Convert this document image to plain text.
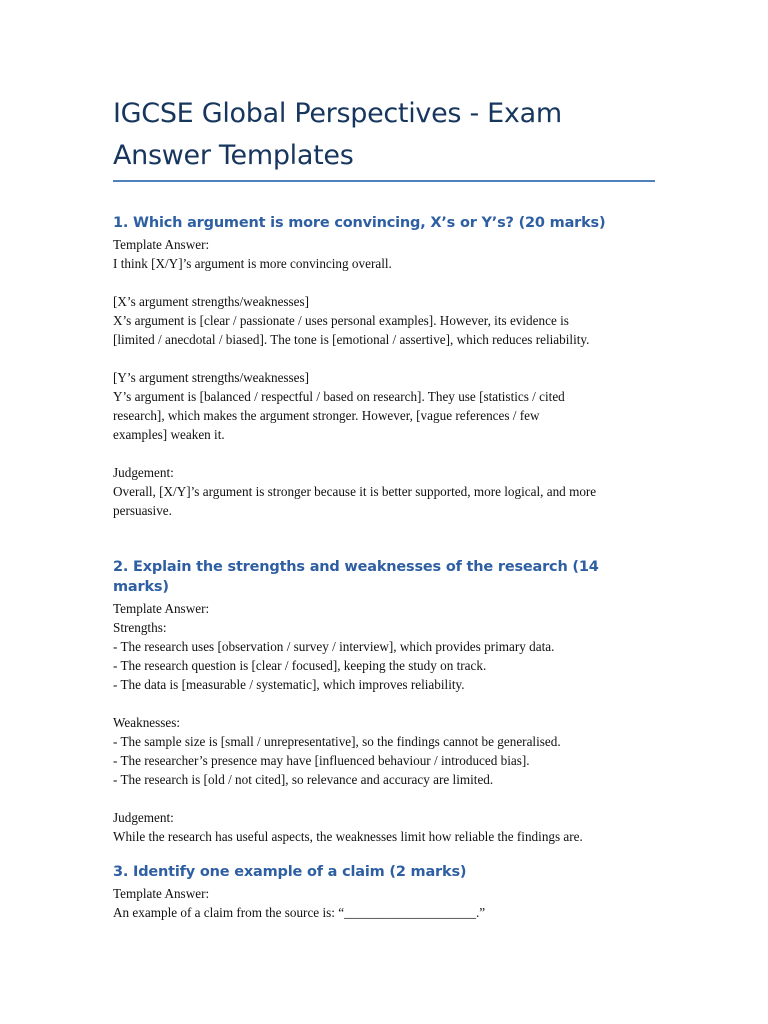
IGCSE Global Perspectives - Exam Answer Templates
1. Which argument is more convincing, X’s or Y’s? (20 marks)
Template Answer:
I think [X/Y]’s argument is more convincing overall.
[X’s argument strengths/weaknesses]
X’s argument is [clear / passionate / uses personal examples]. However, its evidence is
[limited / anecdotal / biased]. The tone is [emotional / assertive], which reduces reliability.
[Y’s argument strengths/weaknesses]
Y’s argument is [balanced / respectful / based on research]. They use [statistics / cited
research], which makes the argument stronger. However, [vague references / few
examples] weaken it.
Judgement:
Overall, [X/Y]’s argument is stronger because it is better supported, more logical, and more
persuasive.
2. Explain the strengths and weaknesses of the research (14 marks)
Template Answer:
Strengths:
- The research uses [observation / survey / interview], which provides primary data.
- The research question is [clear / focused], keeping the study on track.
- The data is [measurable / systematic], which improves reliability.
Weaknesses:
- The sample size is [small / unrepresentative], so the findings cannot be generalised.
- The researcher’s presence may have [influenced behaviour / introduced bias].
- The research is [old / not cited], so relevance and accuracy are limited.
Judgement:
While the research has useful aspects, the weaknesses limit how reliable the findings are.
3. Identify one example of a claim (2 marks)
Template Answer:
An example of a claim from the source is: “____________________.”
